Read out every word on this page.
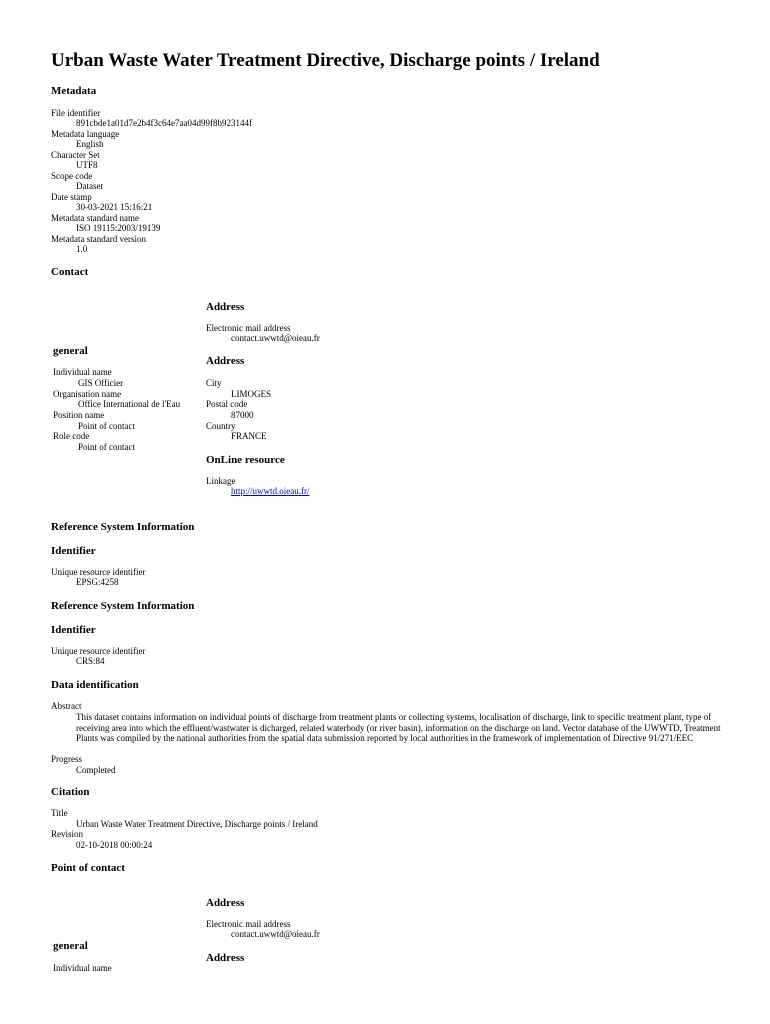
Urban Waste Water Treatment Directive, Discharge points / Ireland
Metadata
File identifier
891cbde1a01d7e2b4f3c64e7aa04d99f8b923144f
Metadata language
English
Character Set
UTF8
Scope code
Dataset
Date stamp
30-03-2021 15:16:21
Metadata standard name
ISO 19115:2003/19139
Metadata standard version
1.0
Contact
Address
Electronic mail address
contact.uwwtd@oieau.fr
general
Address
Individual name
GIS Officier
Organisation name
Office International de l'Eau
Position name
Point of contact
Role code
Point of contact
City
LIMOGES
Postal code
87000
Country
FRANCE
OnLine resource
Linkage
http://uwwtd.oieau.fr/
Reference System Information
Identifier
Unique resource identifier
EPSG:4258
Reference System Information
Identifier
Unique resource identifier
CRS:84
Data identification
Abstract
This dataset contains information on individual points of discharge from treatment plants or collecting systems, localisation of discharge, link to specific treatment plant, type of receiving area into which the effluent/wastwater is dicharged, related waterbody (or river basin), information on the discharge on land. Vector database of the UWWTD, Treatment Plants was compiled by the national authorities from the spatial data submission reported by local authorities in the framework of implementation of Directive 91/271/EEC
Progress
Completed
Citation
Title
Urban Waste Water Treatment Directive, Discharge points / Ireland
Revision
02-10-2018 00:00:24
Point of contact
Address
Electronic mail address
contact.uwwtd@oieau.fr
general
Address
Individual name
